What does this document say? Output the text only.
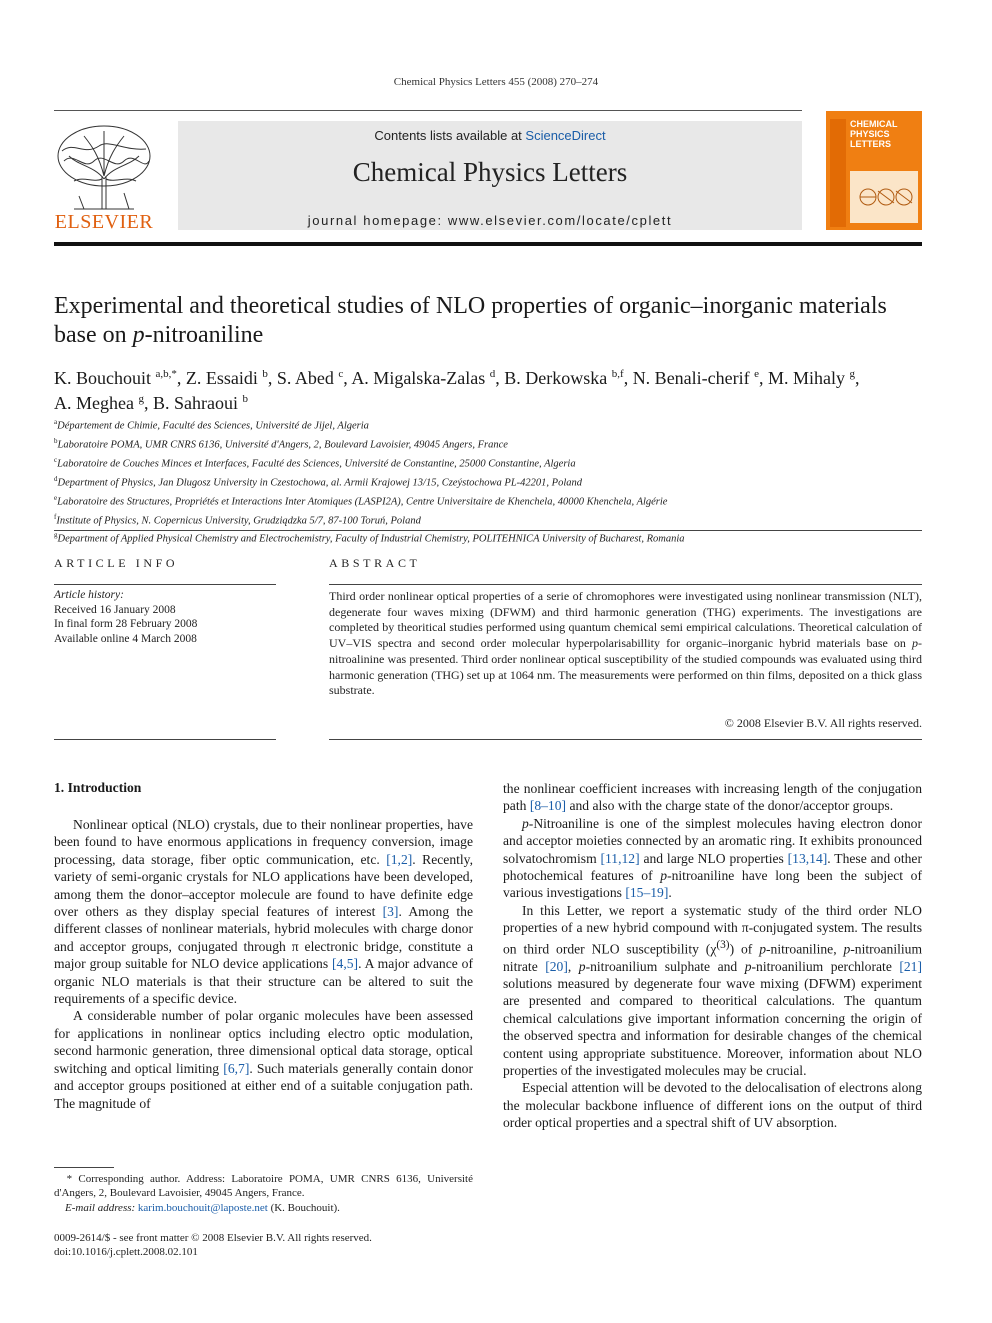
Chemical Physics Letters 455 (2008) 270–274
ELSEVIER
Contents lists available at ScienceDirect
Chemical Physics Letters
journal homepage: www.elsevier.com/locate/cplett
CHEMICAL
PHYSICS
LETTERS
Experimental and theoretical studies of NLO properties of organic–inorganic materials base on p-nitroaniline
K. Bouchouit $^{a,b,*}$, Z. Essaidi $^b$, S. Abed $^c$, A. Migalska-Zalas $^d$, B. Derkowska $^{b,f}$, N. Benali-cherif $^e$, M. Mihaly $^g$,
A. Meghea $^g$, B. Sahraoui $^b$
$^a$Département de Chimie, Faculté des Sciences, Université de Jijel, Algeria
$^b$Laboratoire POMA, UMR CNRS 6136, Université d'Angers, 2, Boulevard Lavoisier, 49045 Angers, France
$^c$Laboratoire de Couches Minces et Interfaces, Faculté des Sciences, Université de Constantine, 25000 Constantine, Algeria
$^d$Department of Physics, Jan Dlugosz University in Czestochowa, al. Armii Krajowej 13/15, Czeýstochowa PL-42201, Poland
$^e$Laboratoire des Structures, Propriétés et Interactions Inter Atomiques (LASPI2A), Centre Universitaire de Khenchela, 40000 Khenchela, Algérie
$^f$Institute of Physics, N. Copernicus University, Grudziądzka 5/7, 87-100 Toruń, Poland
$^g$Department of Applied Physical Chemistry and Electrochemistry, Faculty of Industrial Chemistry, POLITEHNICA University of Bucharest, Romania
ARTICLE INFO	ABSTRACT
Article history:
Received 16 January 2008
In final form 28 February 2008
Available online 4 March 2008
Third order nonlinear optical properties of a serie of chromophores were investigated using nonlinear transmission (NLT), degenerate four waves mixing (DFWM) and third harmonic generation (THG) experiments. The investigations are completed by theoritical studies performed using quantum chemical semi empirical calculations. Theoretical calculation of UV–VIS spectra and second order molecular hyperpolarisabillity for organic–inorganic hybrid materials base on p-nitroalinine was presented. Third order nonlinear optical susceptibility of the studied compounds was evaluated using third harmonic generation (THG) set up at 1064 nm. The measurements were performed on thin films, deposited on a thick glass substrate.
© 2008 Elsevier B.V. All rights reserved.
1. Introduction

Nonlinear optical (NLO) crystals, due to their nonlinear properties, have been found to have enormous applications in frequency conversion, image processing, data storage, fiber optic communication, etc. [1,2]. Recently, variety of semi-organic crystals for NLO applications have been developed, among them the donor–acceptor molecule are found to have definite edge over others as they display special features of interest [3]. Among the different classes of nonlinear materials, hybrid molecules with charge donor and acceptor groups, conjugated through π electronic bridge, constitute a major group suitable for NLO device applications [4,5]. A major advance of organic NLO materials is that their structure can be altered to suit the requirements of a specific device.

A considerable number of polar organic molecules have been assessed for applications in nonlinear optics including electro optic modulation, second harmonic generation, three dimensional optical data storage, optical switching and optical limiting [6,7]. Such materials generally contain donor and acceptor groups positioned at either end of a suitable conjugation path. The magnitude of

the nonlinear coefficient increases with increasing length of the conjugation path [8–10] and also with the charge state of the donor/acceptor groups.

p-Nitroaniline is one of the simplest molecules having electron donor and acceptor moieties connected by an aromatic ring. It exhibits pronounced solvatochromism [11,12] and large NLO properties [13,14]. These and other photochemical features of p-nitroaniline have long been the subject of various investigations [15–19].

In this Letter, we report a systematic study of the third order NLO properties of a new hybrid compound with π-conjugated system. The results on third order NLO susceptibility $(\chi^{(3)})$ of p-nitroaniline, p-nitroanilium nitrate [20], p-nitroanilium sulphate and p-nitroanilium perchlorate [21] solutions measured by degenerate four wave mixing (DFWM) experiment are presented and compared to theoritical calculations. The quantum chemical calculations give important information concerning the origin of the observed spectra and information for desirable changes of the chemical content using appropriate substituence. Moreover, information about NLO properties of the investigated molecules may be crucial.

Especial attention will be devoted to the delocalisation of electrons along the molecular backbone influence of different ions on the output of third order optical properties and a spectral shift of UV absorption.

* Corresponding author. Address: Laboratoire POMA, UMR CNRS 6136, Université d'Angers, 2, Boulevard Lavoisier, 49045 Angers, France.
E-mail address: karim.bouchouit@laposte.net (K. Bouchouit).
0009-2614/$ - see front matter © 2008 Elsevier B.V. All rights reserved.
doi:10.1016/j.cplett.2008.02.101
